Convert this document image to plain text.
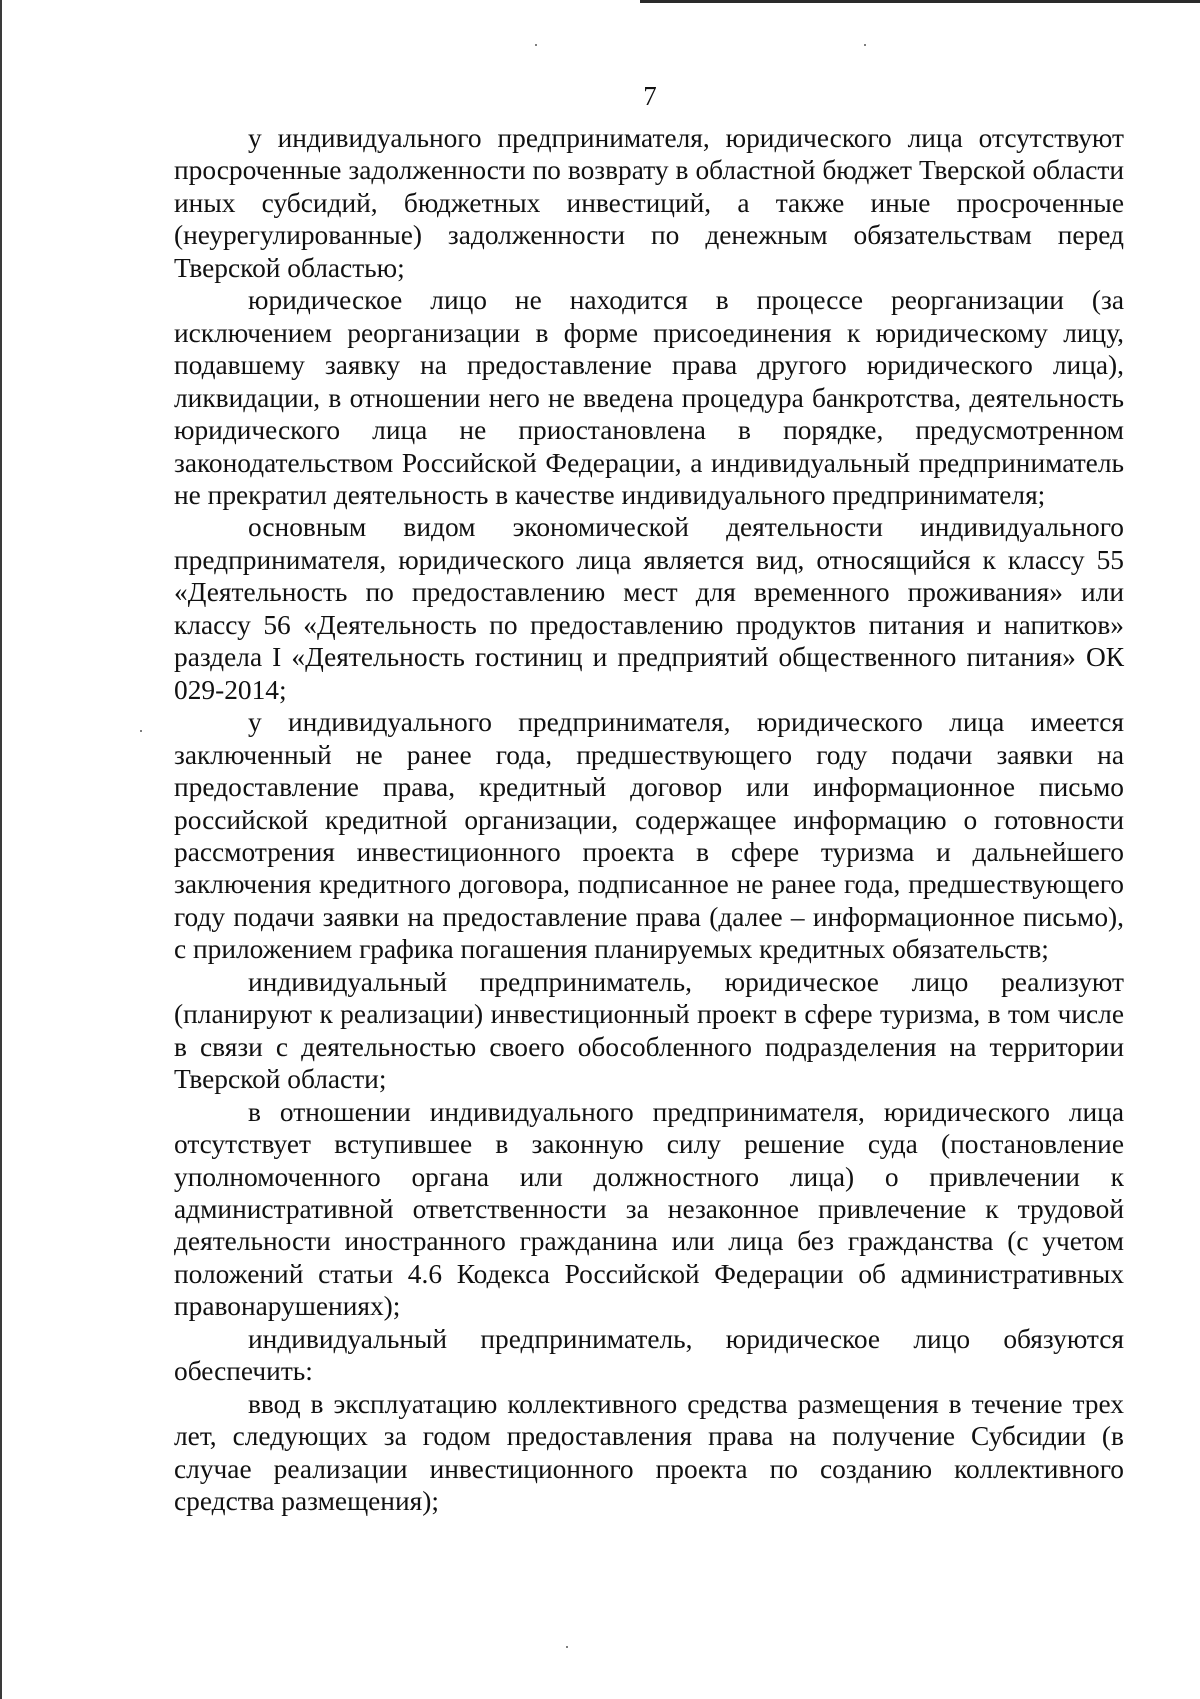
7

у индивидуального предпринимателя, юридического лица отсутствуют просроченные задолженности по возврату в областной бюджет Тверской области иных субсидий, бюджетных инвестиций, а также иные просроченные (неурегулированные) задолженности по денежным обязательствам перед Тверской областью;

юридическое лицо не находится в процессе реорганизации (за исключением реорганизации в форме присоединения к юридическому лицу, подавшему заявку на предоставление права другого юридического лица), ликвидации, в отношении него не введена процедура банкротства, деятельность юридического лица не приостановлена в порядке, предусмотренном законодательством Российской Федерации, а индивидуальный предприниматель не прекратил деятельность в качестве индивидуального предпринимателя;

основным видом экономической деятельности индивидуального предпринимателя, юридического лица является вид, относящийся к классу 55 «Деятельность по предоставлению мест для временного проживания» или классу 56 «Деятельность по предоставлению продуктов питания и напитков» раздела I «Деятельность гостиниц и предприятий общественного питания» ОК 029-2014;

у индивидуального предпринимателя, юридического лица имеется заключенный не ранее года, предшествующего году подачи заявки на предоставление права, кредитный договор или информационное письмо российской кредитной организации, содержащее информацию о готовности рассмотрения инвестиционного проекта в сфере туризма и дальнейшего заключения кредитного договора, подписанное не ранее года, предшествующего году подачи заявки на предоставление права (далее – информационное письмо), с приложением графика погашения планируемых кредитных обязательств;

индивидуальный предприниматель, юридическое лицо реализуют (планируют к реализации) инвестиционный проект в сфере туризма, в том числе в связи с деятельностью своего обособленного подразделения на территории Тверской области;

в отношении индивидуального предпринимателя, юридического лица отсутствует вступившее в законную силу решение суда (постановление уполномоченного органа или должностного лица) о привлечении к административной ответственности за незаконное привлечение к трудовой деятельности иностранного гражданина или лица без гражданства (с учетом положений статьи 4.6 Кодекса Российской Федерации об административных правонарушениях);

индивидуальный предприниматель, юридическое лицо обязуются обеспечить:

ввод в эксплуатацию коллективного средства размещения в течение трех лет, следующих за годом предоставления права на получение Субсидии (в случае реализации инвестиционного проекта по созданию коллективного средства размещения);
